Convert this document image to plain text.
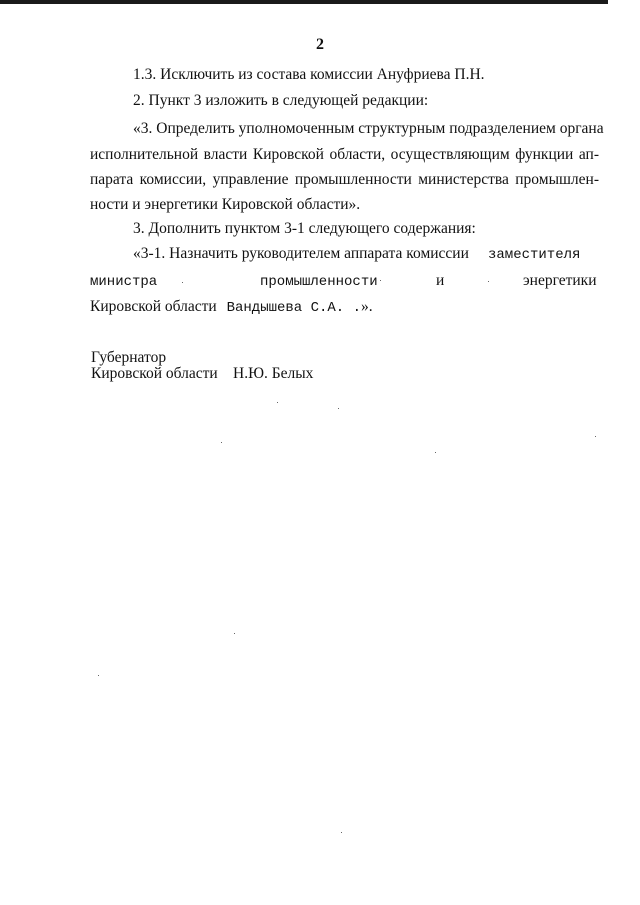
2
1.3. Исключить из состава комиссии Ануфриева П.Н.
2. Пункт 3 изложить в следующей редакции:
«3. Определить уполномоченным структурным подразделением органа
исполнительной власти Кировской области, осуществляющим функции ап-
парата комиссии, управление промышленности министерства промышлен-
ности и энергетики Кировской области».
3. Дополнить пунктом 3-1 следующего содержания:
«3-1. Назначить руководителем аппарата комиссии заместителя
министра	промышленности	и	энергетики
Кировской области Вандышева С.А. .».
Губернатор
Кировской области Н.Ю. Белых
